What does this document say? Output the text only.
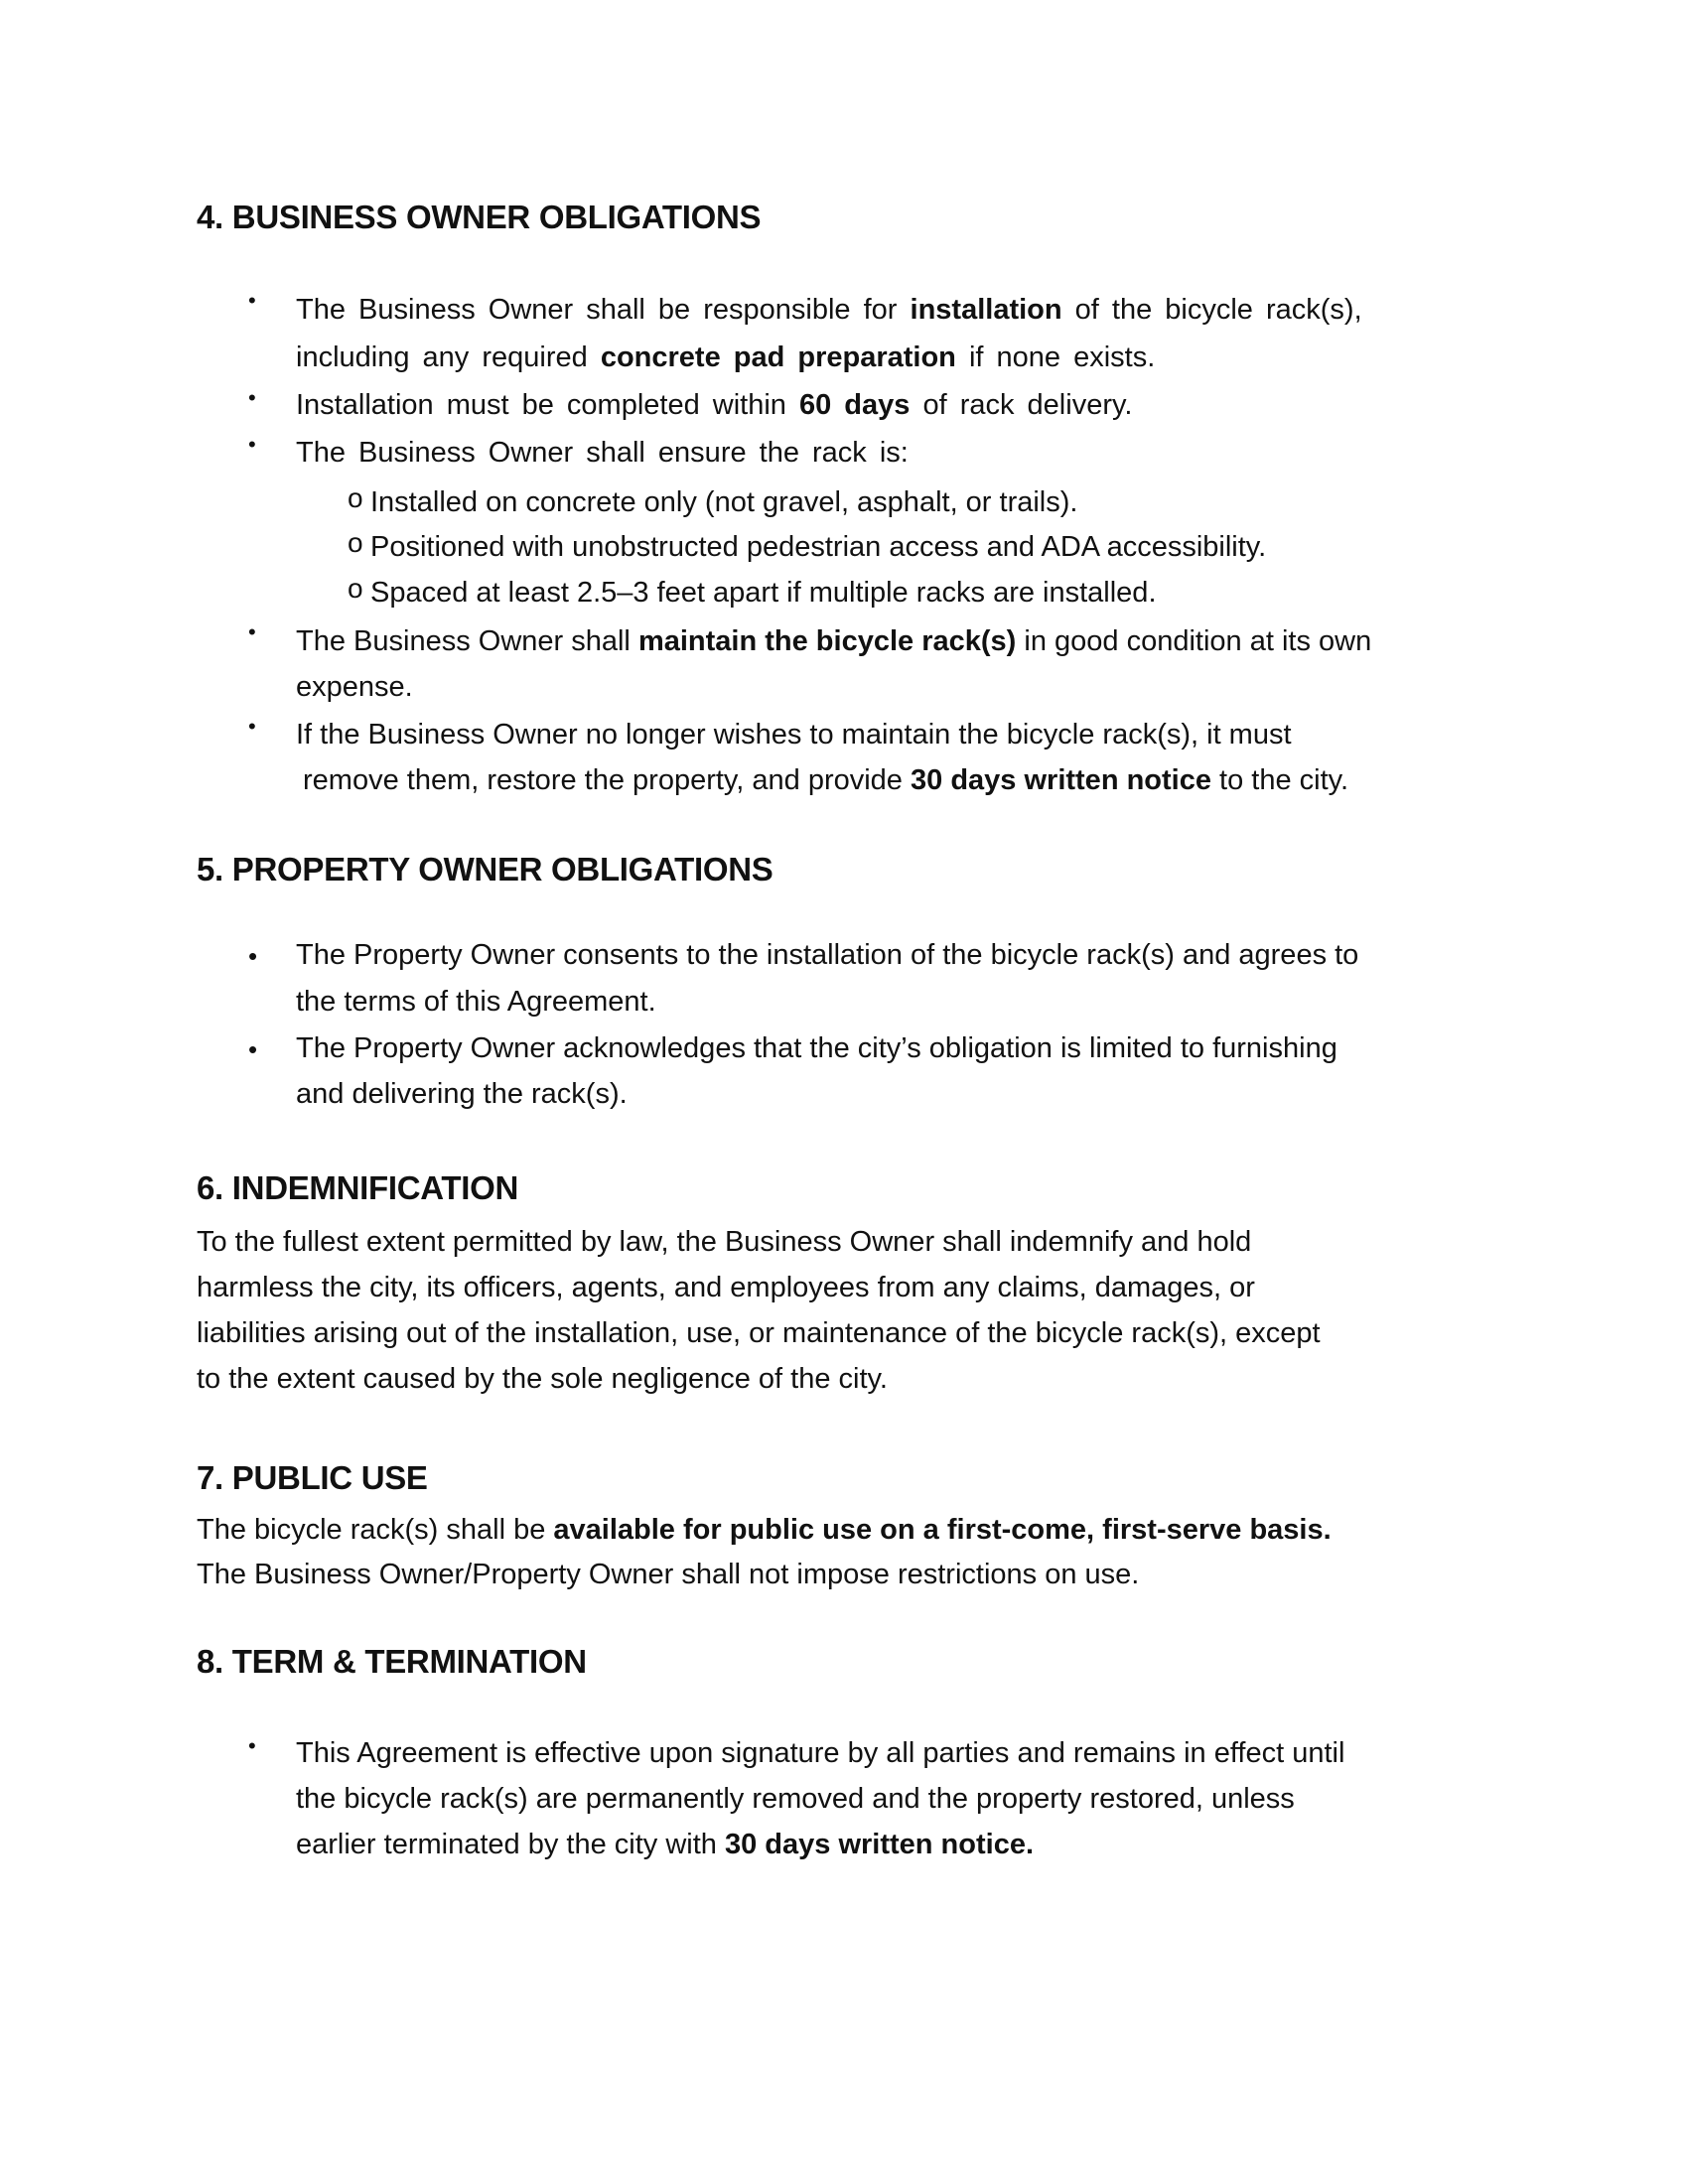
4. BUSINESS OWNER OBLIGATIONS
• The Business Owner shall be responsible for installation of the bicycle rack(s),

including any required concrete pad preparation if none exists.

• Installation must be completed within 60 days of rack delivery.

• The Business Owner shall ensure the rack is:

o Installed on concrete only (not gravel, asphalt, or trails).

o Positioned with unobstructed pedestrian access and ADA accessibility.

o Spaced at least 2.5–3 feet apart if multiple racks are installed.

• The Business Owner shall maintain the bicycle rack(s) in good condition at its own

expense.

• If the Business Owner no longer wishes to maintain the bicycle rack(s), it must

remove them, restore the property, and provide 30 days written notice to the city.

5. PROPERTY OWNER OBLIGATIONS
• The Property Owner consents to the installation of the bicycle rack(s) and agrees to

the terms of this Agreement.

• The Property Owner acknowledges that the city’s obligation is limited to furnishing

and delivering the rack(s).

6. INDEMNIFICATION

To the fullest extent permitted by law, the Business Owner shall indemnify and hold

harmless the city, its officers, agents, and employees from any claims, damages, or

liabilities arising out of the installation, use, or maintenance of the bicycle rack(s), except

to the extent caused by the sole negligence of the city.

7. PUBLIC USE

The bicycle rack(s) shall be available for public use on a first-come, first-serve basis.

The Business Owner/Property Owner shall not impose restrictions on use.

8. TERM & TERMINATION
• This Agreement is effective upon signature by all parties and remains in effect until

the bicycle rack(s) are permanently removed and the property restored, unless

earlier terminated by the city with 30 days written notice.
